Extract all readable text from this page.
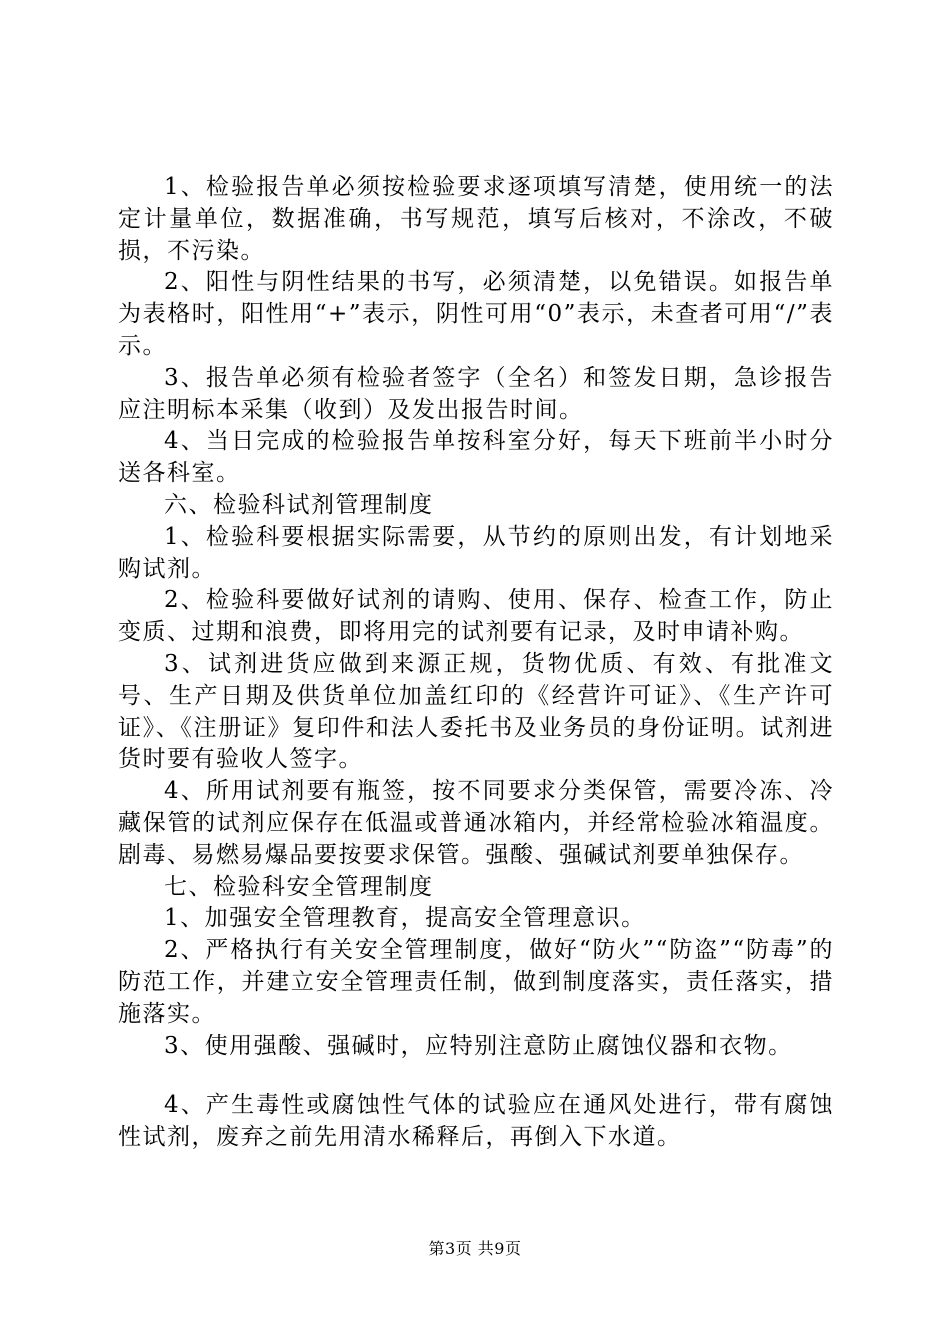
1、检验报告单必须按检验要求逐项填写清楚，使用统一的法定计量单位，数据准确，书写规范，填写后核对，不涂改，不破损，不污染。

2、阳性与阴性结果的书写，必须清楚，以免错误。如报告单为表格时，阳性用“+”表示，阴性可用“0”表示，未查者可用“/”表示。

3、报告单必须有检验者签字（全名）和签发日期，急诊报告应注明标本采集（收到）及发出报告时间。

4、当日完成的检验报告单按科室分好，每天下班前半小时分送各科室。

六、检验科试剂管理制度

1、检验科要根据实际需要，从节约的原则出发，有计划地采购试剂。

2、检验科要做好试剂的请购、使用、保存、检查工作，防止变质、过期和浪费，即将用完的试剂要有记录，及时申请补购。

3、试剂进货应做到来源正规，货物优质、有效、有批准文号、生产日期及供货单位加盖红印的《经营许可证》、《生产许可证》、《注册证》复印件和法人委托书及业务员的身份证明。试剂进货时要有验收人签字。

4、所用试剂要有瓶签，按不同要求分类保管，需要冷冻、冷藏保管的试剂应保存在低温或普通冰箱内，并经常检验冰箱温度。剧毒、易燃易爆品要按要求保管。强酸、强碱试剂要单独保存。

七、检验科安全管理制度

1、加强安全管理教育，提高安全管理意识。

2、严格执行有关安全管理制度，做好“防火”“防盗”“防毒”的防范工作，并建立安全管理责任制，做到制度落实，责任落实，措施落实。

3、使用强酸、强碱时，应特别注意防止腐蚀仪器和衣物。

4、产生毒性或腐蚀性气体的试验应在通风处进行，带有腐蚀性试剂，废弃之前先用清水稀释后，再倒入下水道。

第3页 共9页
